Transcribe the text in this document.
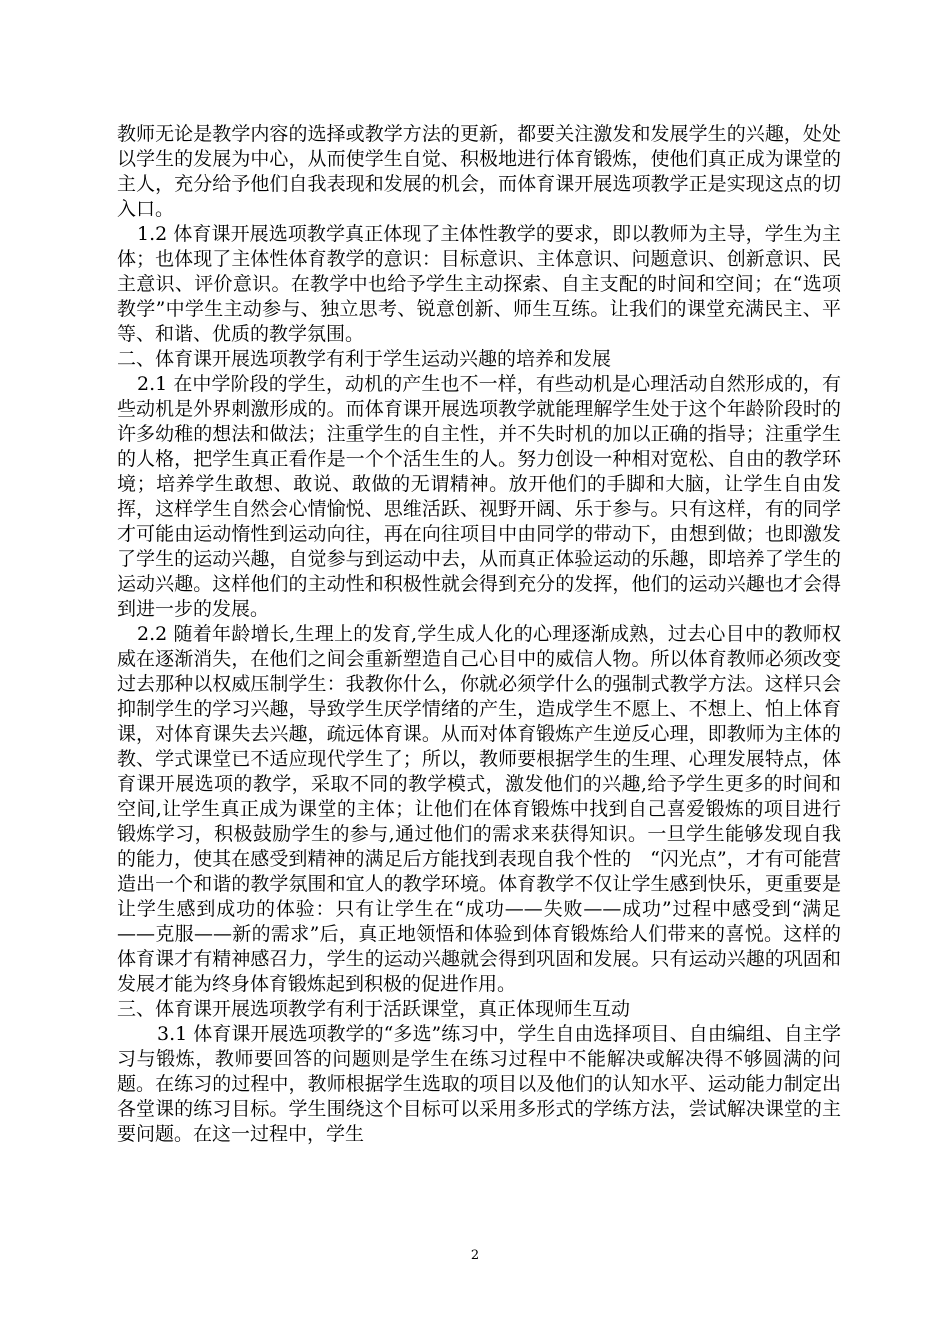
教师无论是教学内容的选择或教学方法的更新，都要关注激发和发展学生的兴趣，处处以学生的发展为中心，从而使学生自觉、积极地进行体育锻炼，使他们真正成为课堂的主人，充分给予他们自我表现和发展的机会，而体育课开展选项教学正是实现这点的切入口。

1.2 体育课开展选项教学真正体现了主体性教学的要求，即以教师为主导，学生为主体；也体现了主体性体育教学的意识：目标意识、主体意识、问题意识、创新意识、民主意识、评价意识。在教学中也给予学生主动探索、自主支配的时间和空间；在“选项教学”中学生主动参与、独立思考、锐意创新、师生互练。让我们的课堂充满民主、平等、和谐、优质的教学氛围。

二、体育课开展选项教学有利于学生运动兴趣的培养和发展

2.1 在中学阶段的学生，动机的产生也不一样，有些动机是心理活动自然形成的，有些动机是外界刺激形成的。而体育课开展选项教学就能理解学生处于这个年龄阶段时的许多幼稚的想法和做法；注重学生的自主性，并不失时机的加以正确的指导；注重学生的人格，把学生真正看作是一个个活生生的人。努力创设一种相对宽松、自由的教学环境；培养学生敢想、敢说、敢做的无谓精神。放开他们的手脚和大脑，让学生自由发挥，这样学生自然会心情愉悦、思维活跃、视野开阔、乐于参与。只有这样，有的同学才可能由运动惰性到运动向往，再在向往项目中由同学的带动下，由想到做；也即激发了学生的运动兴趣，自觉参与到运动中去，从而真正体验运动的乐趣，即培养了学生的运动兴趣。这样他们的主动性和积极性就会得到充分的发挥，他们的运动兴趣也才会得到进一步的发展。

2.2 随着年龄增长,生理上的发育,学生成人化的心理逐渐成熟，过去心目中的教师权威在逐渐消失，在他们之间会重新塑造自己心目中的威信人物。所以体育教师必须改变过去那种以权威压制学生：我教你什么，你就必须学什么的强制式教学方法。这样只会抑制学生的学习兴趣，导致学生厌学情绪的产生，造成学生不愿上、不想上、怕上体育课，对体育课失去兴趣，疏远体育课。从而对体育锻炼产生逆反心理，即教师为主体的教、学式课堂已不适应现代学生了；所以，教师要根据学生的生理、心理发展特点，体育课开展选项的教学，采取不同的教学模式，激发他们的兴趣,给予学生更多的时间和空间,让学生真正成为课堂的主体；让他们在体育锻炼中找到自己喜爱锻炼的项目进行锻炼学习，积极鼓励学生的参与,通过他们的需求来获得知识。一旦学生能够发现自我的能力，使其在感受到精神的满足后方能找到表现自我个性的　“闪光点”，才有可能营造出一个和谐的教学氛围和宜人的教学环境。体育教学不仅让学生感到快乐，更重要是让学生感到成功的体验：只有让学生在“成功——失败——成功”过程中感受到“满足——克服——新的需求”后，真正地领悟和体验到体育锻炼给人们带来的喜悦。这样的体育课才有精神感召力，学生的运动兴趣就会得到巩固和发展。只有运动兴趣的巩固和发展才能为终身体育锻炼起到积极的促进作用。

三、体育课开展选项教学有利于活跃课堂，真正体现师生互动

3.1 体育课开展选项教学的“多选”练习中，学生自由选择项目、自由编组、自主学习与锻炼，教师要回答的问题则是学生在练习过程中不能解决或解决得不够圆满的问题。在练习的过程中，教师根据学生选取的项目以及他们的认知水平、运动能力制定出各堂课的练习目标。学生围绕这个目标可以采用多形式的学练方法，尝试解决课堂的主要问题。在这一过程中，学生

2
